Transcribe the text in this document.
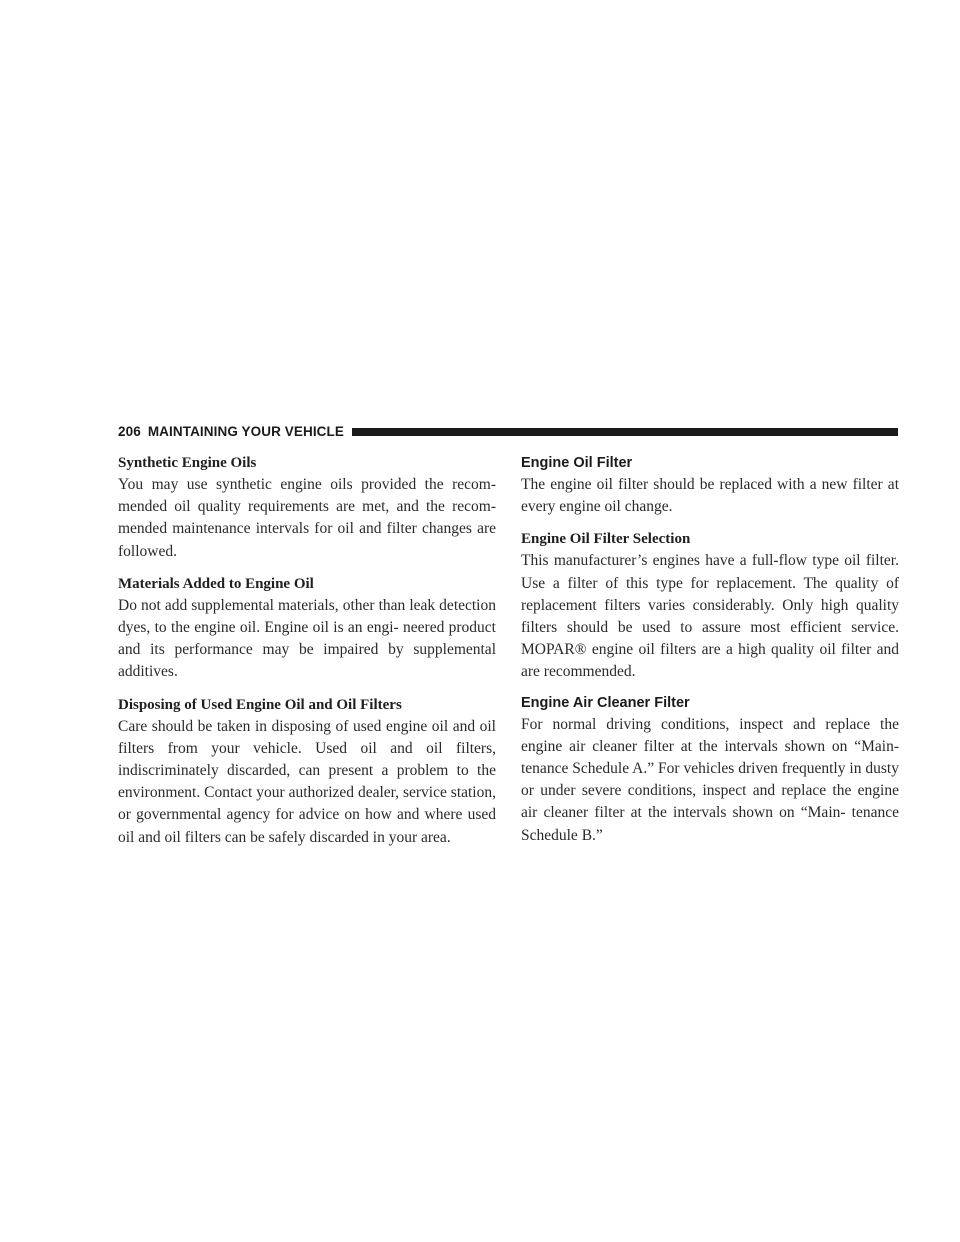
206 MAINTAINING YOUR VEHICLE
Synthetic Engine Oils

You may use synthetic engine oils provided the recom- mended oil quality requirements are met, and the recom- mended maintenance intervals for oil and filter changes are followed.

Materials Added to Engine Oil

Do not add supplemental materials, other than leak detection dyes, to the engine oil. Engine oil is an engi- neered product and its performance may be impaired by supplemental additives.

Disposing of Used Engine Oil and Oil Filters

Care should be taken in disposing of used engine oil and oil filters from your vehicle. Used oil and oil filters, indiscriminately discarded, can present a problem to the environment. Contact your authorized dealer, service station, or governmental agency for advice on how and where used oil and oil filters can be safely discarded in your area.

Engine Oil Filter

The engine oil filter should be replaced with a new filter at every engine oil change.

Engine Oil Filter Selection

This manufacturer’s engines have a full-flow type oil filter. Use a filter of this type for replacement. The quality of replacement filters varies considerably. Only high quality filters should be used to assure most efficient service. MOPAR® engine oil filters are a high quality oil filter and are recommended.

Engine Air Cleaner Filter

For normal driving conditions, inspect and replace the engine air cleaner filter at the intervals shown on “Main- tenance Schedule A.” For vehicles driven frequently in dusty or under severe conditions, inspect and replace the engine air cleaner filter at the intervals shown on “Main- tenance Schedule B.”
